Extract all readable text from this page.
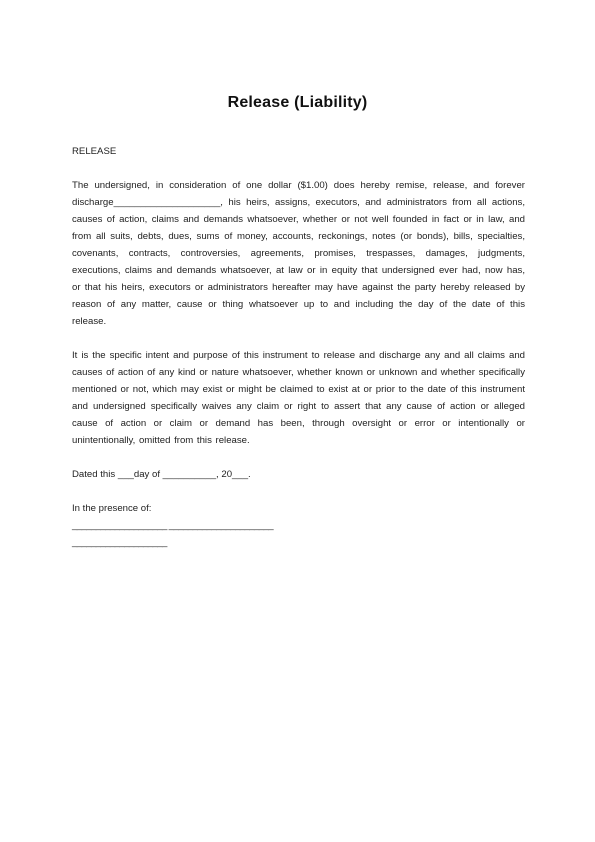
Release (Liability)
RELEASE
The undersigned, in consideration of one dollar ($1.00) does hereby remise, release, and forever discharge____________________, his heirs, assigns, executors, and administrators from all actions, causes of action, claims and demands whatsoever, whether or not well founded in fact or in law, and from all suits, debts, dues, sums of money, accounts, reckonings, notes (or bonds), bills, specialties, covenants, contracts, controversies, agreements, promises, trespasses, damages, judgments, executions, claims and demands whatsoever, at law or in equity that undersigned ever had, now has, or that his heirs, executors or administrators hereafter may have against the party hereby released by reason of any matter, cause or thing whatsoever up to and including the day of the date of this release.
It is the specific intent and purpose of this instrument to release and discharge any and all claims and causes of action of any kind or nature whatsoever, whether known or unknown and whether specifically mentioned or not, which may exist or might be claimed to exist at or prior to the date of this instrument and undersigned specifically waives any claim or right to assert that any cause of action or alleged cause of action or claim or demand has been, through oversight or error or intentionally or unintentionally, omitted from this release.
Dated this ___day of __________, 20___.
In the presence of:
____________________ ______________________
____________________
